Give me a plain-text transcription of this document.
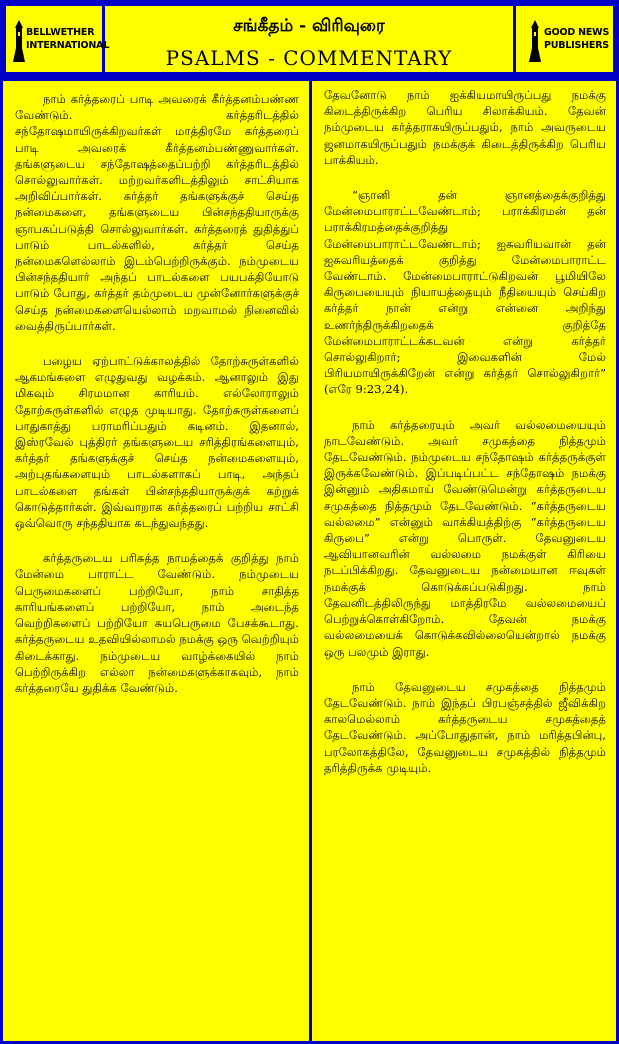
BELLWETHER
INTERNATIONAL
சங்கீதம் - விரிவுரை
PSALMS - COMMENTARY
GOOD NEWS
PUBLISHERS

நாம் கர்த்தரைப் பாடி அவரைக் கீர்த்தனம்பண்ண வேண்டும். கர்த்தரிடத்தில் சந்தோஷமாயிருக்கிறவர்கள் மாத்திரமே கர்த்தரைப் பாடி அவரைக் கீர்த்தனம்பண்ணுவார்கள். தங்களுடைய சந்தோஷத்தைப்பற்றி கர்த்தரிடத்தில் சொல்லுவார்கள். மற்றவர்களிடத்திலும் சாட்சியாக அறிவிப்பார்கள். கர்த்தர் தங்களுக்குச் செய்த நன்மைகளை, தங்களுடைய பின்சந்ததியாருக்கு ஞாபகப்படுத்தி சொல்லுவார்கள். கர்த்தரைத் துதித்துப் பாடும் பாடல்களில், கர்த்தர் செய்த நன்மைகளெல்லாம் இடம்பெற்றிருக்கும். நம்முடைய பின்சந்ததியார் அந்தப் பாடல்களை பயபக்தியோடு பாடும் போது, கர்த்தர் தம்முடைய முன்னோர்களுக்குச் செய்த நன்மைகளையெல்லாம் மறவாமல் நினைவில் வைத்திருப்பார்கள்.

பழைய ஏற்பாட்டுக்காலத்தில் தோற்சுருள்களில் ஆகமங்களை எழுதுவது வழக்கம். ஆனாலும் இது மிகவும் சிரமமான காரியம். எல்லோராலும் தோற்சுருள்களில் எழுத முடியாது. தோற்சுருள்களைப் பாதுகாத்து பராமரிப்பதும் கடினம். இதனால், இஸ்ரவேல் புத்திரர் தங்களுடைய சரித்திரங்களையும், கர்த்தர் தங்களுக்குச் செய்த நன்மைகளையும், அற்புதங்களையும் பாடல்களாகப் பாடி, அந்தப் பாடல்களை தங்கள் பின்சந்ததியாருக்குக் கற்றுக் கொடுத்தார்கள். இவ்வாறாக கர்த்தரைப் பற்றிய சாட்சி ஒவ்வொரு சந்ததியாக கடந்துவந்தது.

கர்த்தருடைய பரிசுத்த நாமத்தைக் குறித்து நாம் மேன்மை பாராட்ட வேண்டும். நம்முடைய பெருமைகளைப் பற்றியோ, நாம் சாதித்த காரியங்களைப் பற்றியோ, நாம் அடைந்த வெற்றிகளைப் பற்றியோ சுயபெருமை பேசக்கூடாது. கர்த்தருடைய உதவியில்லாமல் நமக்கு ஒரு வெற்றியும் கிடைக்காது. நம்முடைய வாழ்க்கையில் நாம் பெற்றிருக்கிற எல்லா நன்மைகளுக்காகவும், நாம் கர்த்தரையே துதிக்க வேண்டும்.

தேவனோடு நாம் ஐக்கியமாயிருப்பது நமக்கு கிடைத்திருக்கிற பெரிய சிலாக்கியம். தேவன் நம்முடைய கர்த்தராகயிருப்பதும், நாம் அவருடைய ஜனமாகயிருப்பதும் நமக்குக் கிடைத்திருக்கிற பெரிய பாக்கியம்.

“ஞானி தன் ஞானத்தைக்குறித்து மேன்மைபாராட்டவேண்டாம்; பராக்கிரமன் தன் பராக்கிரமத்தைக்குறித்து மேன்மைபாராட்டவேண்டாம்; ஐசுவரியவான் தன் ஐசுவரியத்தைக் குறித்து மேன்மைபாராட்ட வேண்டாம். மேன்மைபாராட்டுகிறவன் பூமியிலே கிருபையையும் நியாயத்தையும் நீதியையும் செய்கிற கர்த்தர் நான் என்று என்னை அறிந்து உணர்ந்திருக்கிறதைக் குறித்தே மேன்மைபாராட்டக்கடவன் என்று கர்த்தர் சொல்லுகிறார்; இவைகளின் மேல் பிரியமாயிருக்கிறேன் என்று கர்த்தர் சொல்லுகிறார்” (எரே 9:23,24).

நாம் கர்த்தரையும் அவர் வல்லமையையும் நாடவேண்டும். அவர் சமுகத்தை நித்தமும் தேடவேண்டும். நம்முடைய சந்தோஷம் கர்த்தருக்குள் இருக்கவேண்டும். இப்படிப்பட்ட சந்தோஷம் நமக்கு இன்னும் அதிகமாய் வேண்டுமென்று கர்த்தருடைய சமுகத்தை நித்தமும் தேடவேண்டும். “கர்த்தருடைய வல்லமை” என்னும் வாக்கியத்திற்கு “கர்த்தருடைய கிருபை” என்று பொருள். தேவனுடைய ஆவியானவரின் வல்லமை நமக்குள் கிரியை நடப்பிக்கிறது. தேவனுடைய நன்மையான ஈவுகள் நமக்குக் கொடுக்கப்படுகிறது. நாம் தேவனிடத்திலிருந்து மாத்திரமே வல்லமையைப் பெற்றுக்கொள்கிறோம். தேவன் நமக்கு வல்லமையைக் கொடுக்கவில்லையென்றால் நமக்கு ஒரு பலமும் இராது.

நாம் தேவனுடைய சமுகத்தை நித்தமும் தேடவேண்டும். நாம் இந்தப் பிரபஞ்சத்தில் ஜீவிக்கிற காலமெல்லாம் கர்த்தருடைய சமுகத்தைத் தேடவேண்டும். அப்போதுதான், நாம் மரித்தபின்பு, பரலோகத்திலே, தேவனுடைய சமுகத்தில் நித்தமும் தரித்திருக்க முடியும்.
